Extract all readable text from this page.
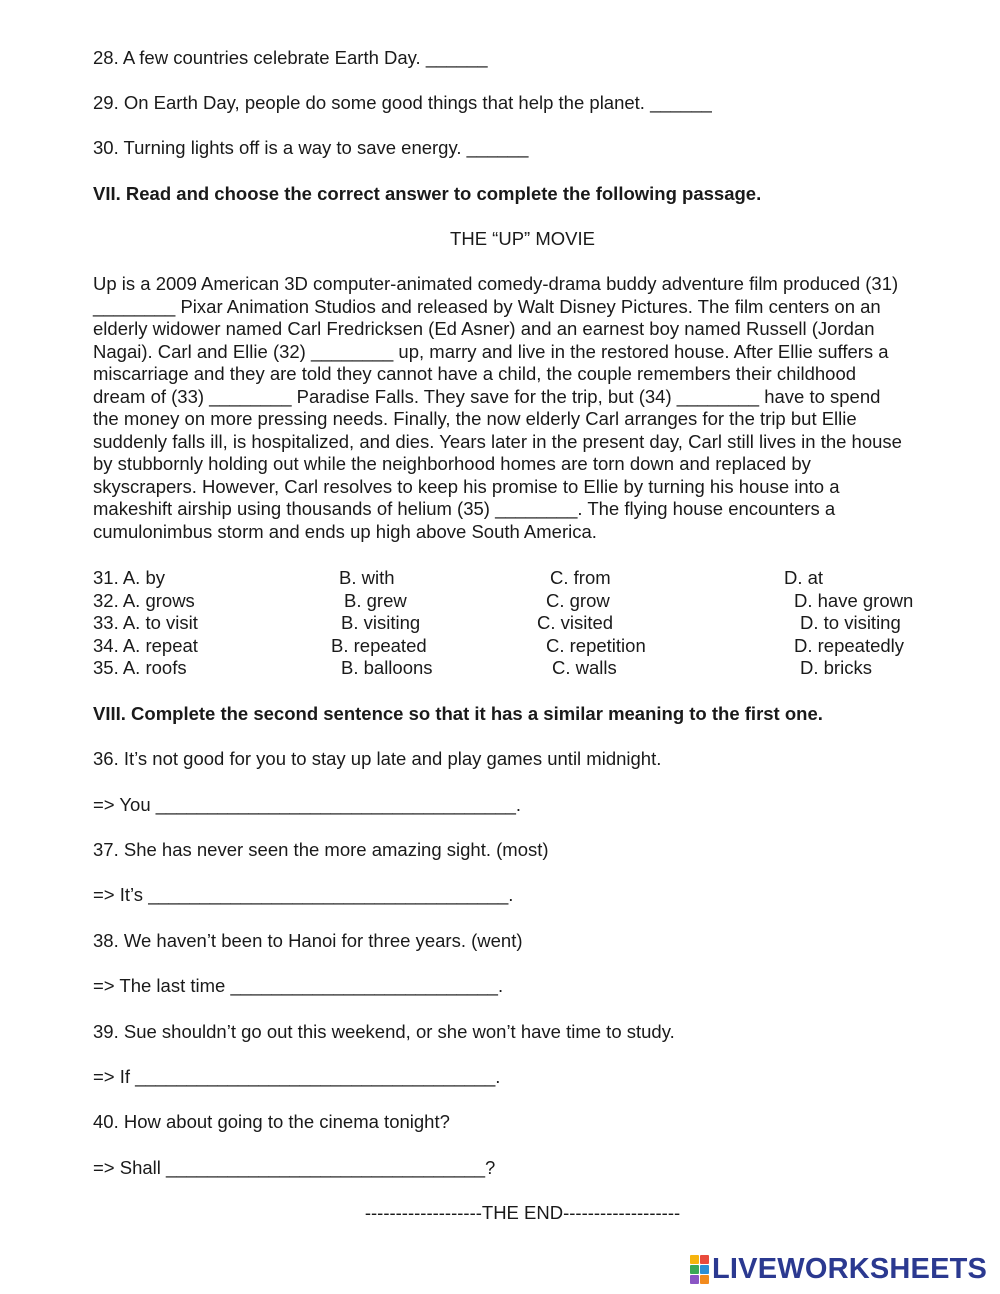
28. A few countries celebrate Earth Day. ______
29. On Earth Day, people do some good things that help the planet. ______
30. Turning lights off is a way to save energy. ______
VII. Read and choose the correct answer to complete the following passage.
THE “UP” MOVIE
Up is a 2009 American 3D computer-animated comedy-drama buddy adventure film produced (31)
________ Pixar Animation Studios and released by Walt Disney Pictures. The film centers on an
elderly widower named Carl Fredricksen (Ed Asner) and an earnest boy named Russell (Jordan
Nagai). Carl and Ellie (32) ________ up, marry and live in the restored house. After Ellie suffers a
miscarriage and they are told they cannot have a child, the couple remembers their childhood
dream of (33) ________ Paradise Falls. They save for the trip, but (34) ________ have to spend
the money on more pressing needs. Finally, the now elderly Carl arranges for the trip but Ellie
suddenly falls ill, is hospitalized, and dies. Years later in the present day, Carl still lives in the house
by stubbornly holding out while the neighborhood homes are torn down and replaced by
skyscrapers. However, Carl resolves to keep his promise to Ellie by turning his house into a
makeshift airship using thousands of helium (35) ________. The flying house encounters a
cumulonimbus storm and ends up high above South America.
31. A. by	B. with	C. from	D. at
32. A. grows	B. grew	C. grow	D. have grown
33. A. to visit	B. visiting	C. visited	D. to visiting
34. A. repeat	B. repeated	C. repetition	D. repeatedly
35. A. roofs	B. balloons	C. walls	D. bricks
VIII. Complete the second sentence so that it has a similar meaning to the first one.
36. It’s not good for you to stay up late and play games until midnight.
=> You ___________________________________.
37. She has never seen the more amazing sight. (most)
=> It’s ___________________________________.
38. We haven’t been to Hanoi for three years. (went)
=> The last time __________________________.
39. Sue shouldn’t go out this weekend, or she won’t have time to study.
=> If ___________________________________.
40. How about going to the cinema tonight?
=> Shall _______________________________?
-------------------THE END-------------------
LIVEWORKSHEETS
